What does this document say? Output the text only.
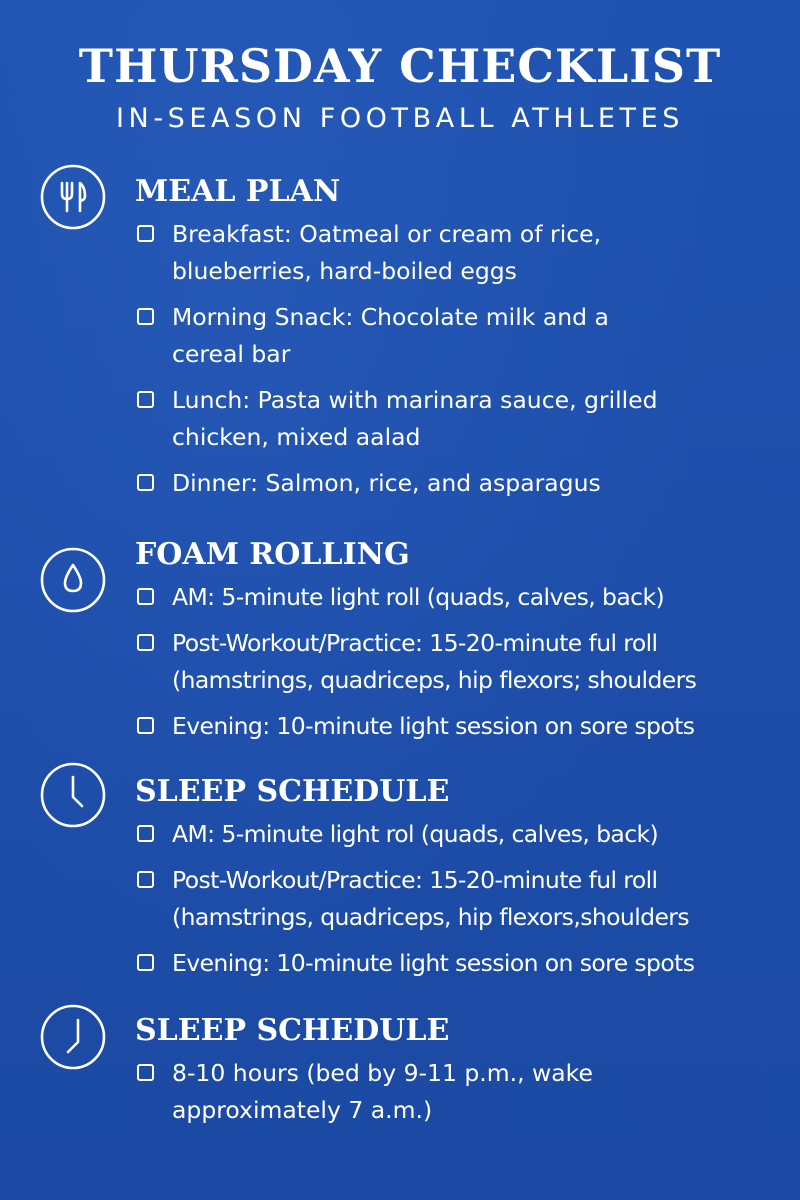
THURSDAY CHECKLIST
IN-SEASON FOOTBALL ATHLETES
MEAL PLAN
Breakfast: Oatmeal or cream of rice,
blueberries, hard-boiled eggs
Morning Snack: Chocolate milk and a
cereal bar
Lunch: Pasta with marinara sauce, grilled
chicken, mixed aalad
Dinner: Salmon, rice, and asparagus
FOAM ROLLING
AM: 5-minute light roll (quads, calves, back)
Post-Workout/Practice: 15-20-minute ful roll
(hamstrings, quadriceps, hip flexors; shoulders
Evening: 10-minute light session on sore spots
SLEEP SCHEDULE
AM: 5-minute light rol (quads, calves, back)
Post-Workout/Practice: 15-20-minute ful roll
(hamstrings, quadriceps, hip flexors,shoulders
Evening: 10-minute light session on sore spots
SLEEP SCHEDULE
8-10 hours (bed by 9-11 p.m., wake
approximately 7 a.m.)
